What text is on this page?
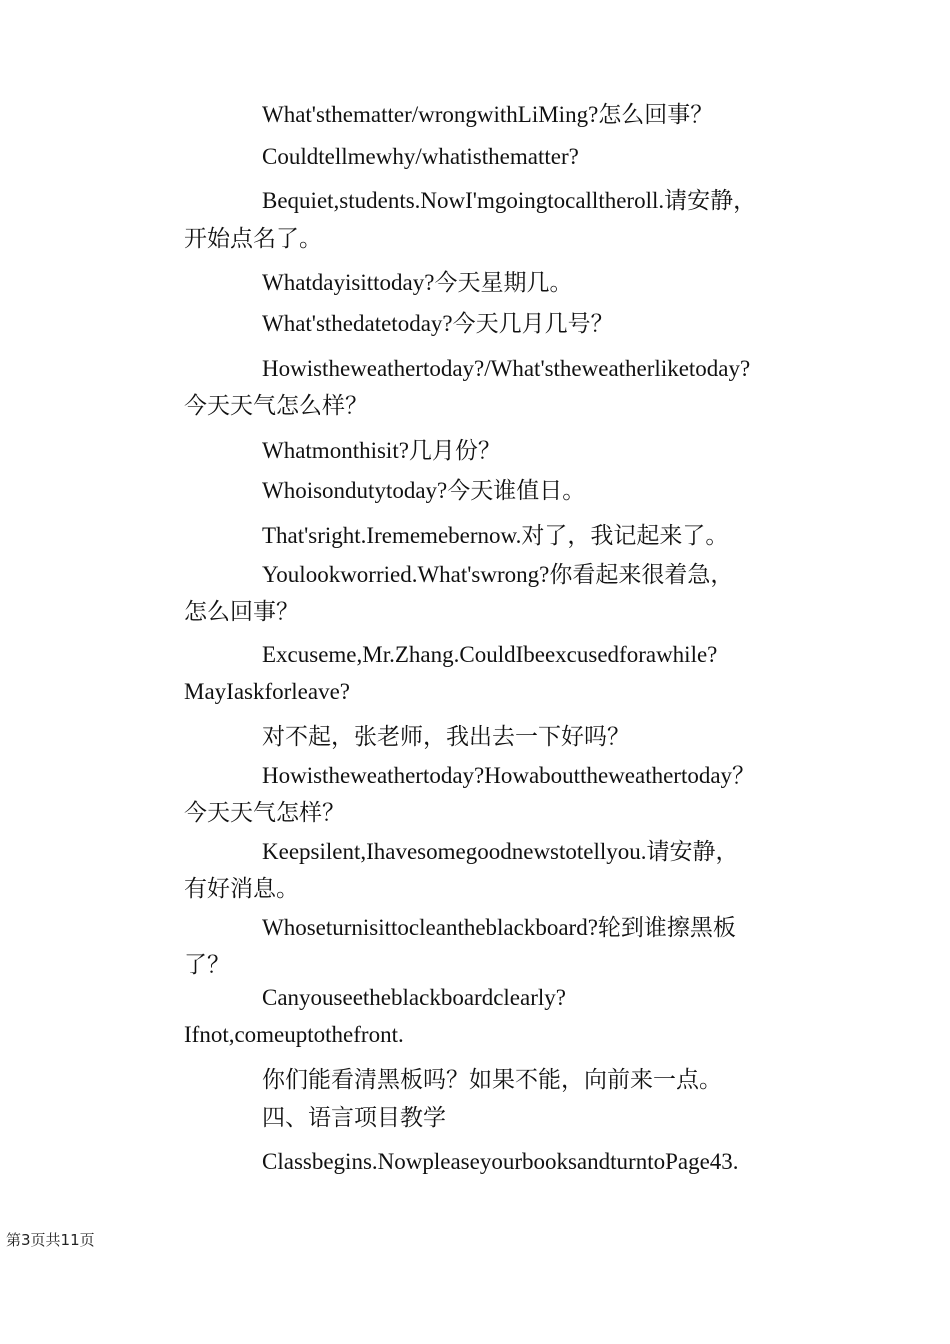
What'sthematter/wrongwithLiMing?怎么回事？
Couldtellmewhy/whatisthematter?
Bequiet,students.NowI'mgoingtocalltheroll.请安静，
开始点名了。
Whatdayisittoday?今天星期几。
What'sthedatetoday?今天几月几号？
Howistheweathertoday?/What'stheweatherliketoday?
今天天气怎么样？
Whatmonthisit?几月份？
Whoisondutytoday?今天谁值日。
That'sright.Irememebernow.对了，我记起来了。
Youlookworried.What'swrong?你看起来很着急，
怎么回事？
Excuseme,Mr.Zhang.CouldIbeexcusedforawhile?
MayIaskforleave?
对不起，张老师，我出去一下好吗？
Howistheweathertoday?Howabouttheweathertoday？
今天天气怎样？
Keepsilent,Ihavesomegoodnewstotellyou.请安静，
有好消息。
Whoseturnisittocleantheblackboard?轮到谁擦黑板
了？
Canyouseetheblackboardclearly?
Ifnot,comeuptothefront.
你们能看清黑板吗？如果不能，向前来一点。
四、语言项目教学
Classbegins.NowpleaseyourbooksandturntoPage43.
第3页共11页
